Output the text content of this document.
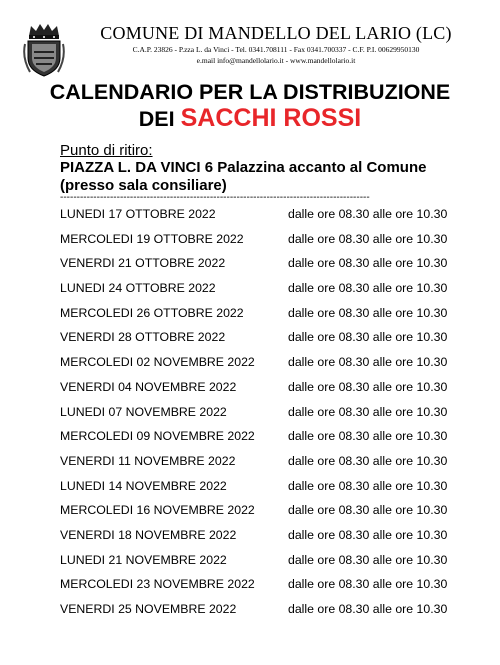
COMUNE DI MANDELLO DEL LARIO (LC)
C.A.P. 23826 - P.zza L. da Vinci - Tel. 0341.708111 - Fax 0341.700337 - C.F. P.I. 00629950130
e.mail info@mandellolario.it - www.mandellolario.it
CALENDARIO PER LA DISTRIBUZIONE
DEI SACCHI ROSSI
Punto di ritiro:
PIAZZA L. DA VINCI 6 Palazzina accanto al Comune (presso sala consiliare)
---------------------------------------------------------------------------------------------
LUNEDI 17 OTTOBRE 2022	dalle ore 08.30 alle ore 10.30
MERCOLEDI 19 OTTOBRE 2022	dalle ore 08.30 alle ore 10.30
VENERDI 21 OTTOBRE 2022	dalle ore 08.30 alle ore 10.30
LUNEDI 24 OTTOBRE 2022	dalle ore 08.30 alle ore 10.30
MERCOLEDI 26 OTTOBRE 2022	dalle ore 08.30 alle ore 10.30
VENERDI 28 OTTOBRE 2022	dalle ore 08.30 alle ore 10.30
MERCOLEDI 02 NOVEMBRE 2022	dalle ore 08.30 alle ore 10.30
VENERDI 04 NOVEMBRE 2022	dalle ore 08.30 alle ore 10.30
LUNEDI 07 NOVEMBRE 2022	dalle ore 08.30 alle ore 10.30
MERCOLEDI 09 NOVEMBRE 2022	dalle ore 08.30 alle ore 10.30
VENERDI 11 NOVEMBRE 2022	dalle ore 08.30 alle ore 10.30
LUNEDI 14 NOVEMBRE 2022	dalle ore 08.30 alle ore 10.30
MERCOLEDI 16 NOVEMBRE 2022	dalle ore 08.30 alle ore 10.30
VENERDI 18 NOVEMBRE 2022	dalle ore 08.30 alle ore 10.30
LUNEDI 21 NOVEMBRE 2022	dalle ore 08.30 alle ore 10.30
MERCOLEDI 23 NOVEMBRE 2022	dalle ore 08.30 alle ore 10.30
VENERDI 25 NOVEMBRE 2022	dalle ore 08.30 alle ore 10.30
